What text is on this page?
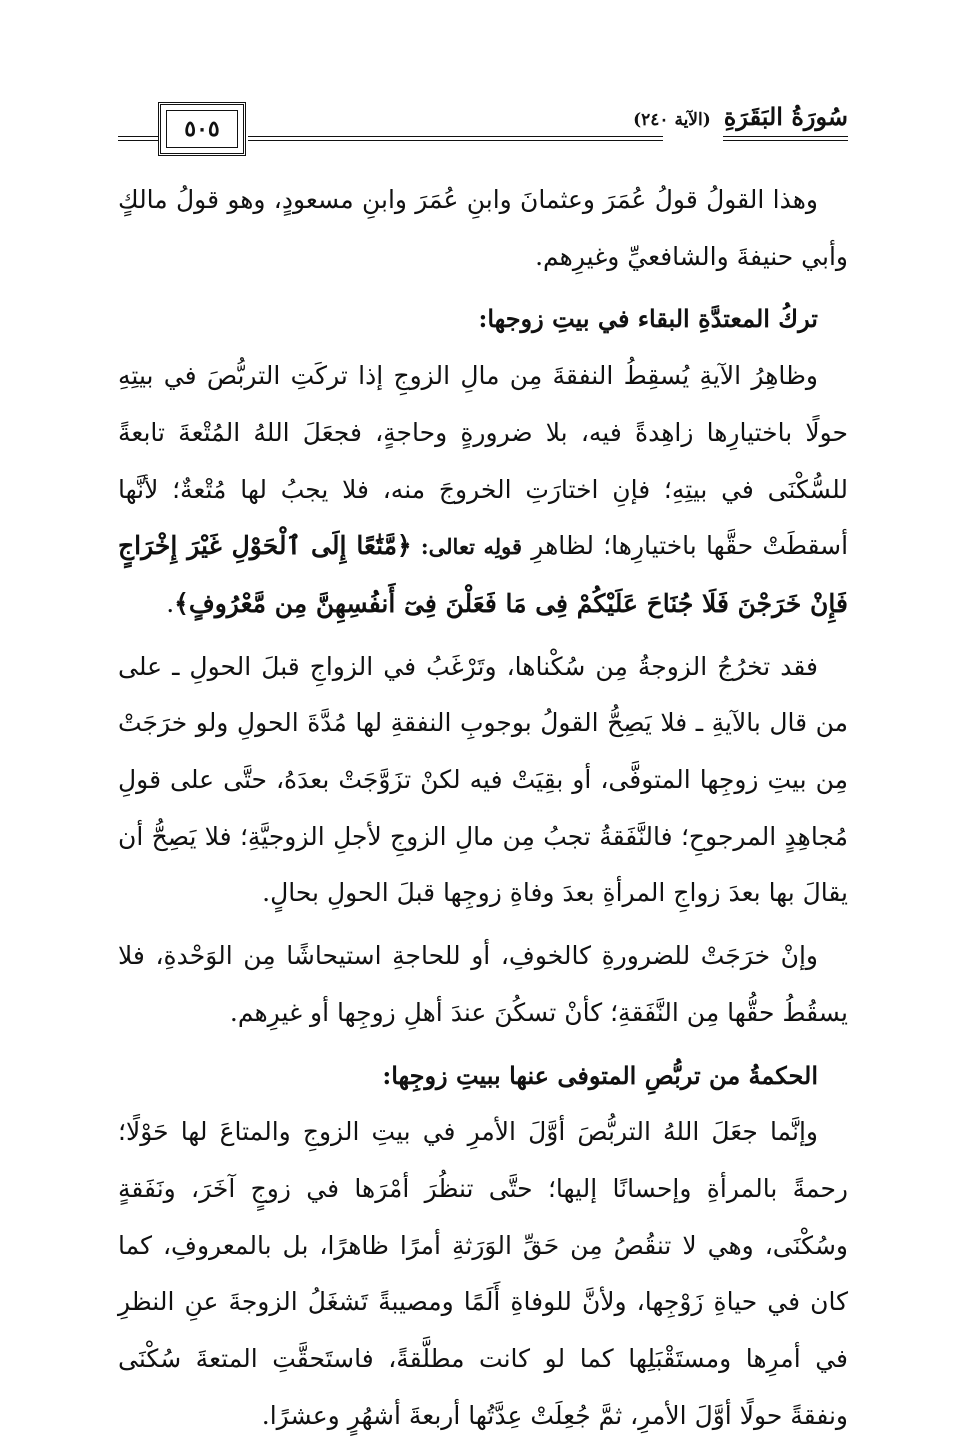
سُورَةُ البَقَرَةِ (الآية ٢٤٠)
٥٠٥

وهذا القولُ قولُ عُمَرَ وعثمانَ وابنِ عُمَرَ وابنِ مسعودٍ، وهو قولُ مالكٍ وأبي حنيفةَ والشافعيِّ وغيرِهم.

تركُ المعتدَّةِ البقاء في بيتِ زوجها:

وظاهِرُ الآيةِ يُسقِطُ النفقةَ مِن مالِ الزوجِ إذا تركَتِ التربُّصَ في بيتِهِ حولًا باختيارِها زاهِدةً فيه، بلا ضرورةٍ وحاجةٍ، فجعَلَ اللهُ المُتْعةَ تابعةً للسُّكْنَى في بيتِهِ؛ فإنِ اختارَتِ الخروجَ منه، فلا يجبُ لها مُتْعةٌ؛ لأنَّها أسقطَتْ حقَّها باختيارِها؛ لظاهرِ قولِه تعالى: ﴿مَّتَٰعًا إِلَى ٱلْحَوْلِ غَيْرَ إِخْرَاجٍ فَإِنْ خَرَجْنَ فَلَا جُنَاحَ عَلَيْكُمْ فِى مَا فَعَلْنَ فِىٓ أَنفُسِهِنَّ مِن مَّعْرُوفٍ﴾.

فقد تخرُجُ الزوجةُ مِن سُكْناها، وتَرْغَبُ في الزواجِ قبلَ الحولِ ـ على من قال بالآيةِ ـ فلا يَصِحُّ القولُ بوجوبِ النفقةِ لها مُدَّةَ الحولِ ولو خرَجَتْ مِن بيتِ زوجِها المتوفَّى، أو بقِيَتْ فيه لكنْ تزَوَّجَتْ بعدَهُ، حتَّى على قولِ مُجاهِدٍ المرجوحِ؛ فالنَّفَقةُ تجبُ مِن مالِ الزوجِ لأجلِ الزوجيَّةِ؛ فلا يَصِحُّ أن يقالَ بها بعدَ زواجِ المرأةِ بعدَ وفاةِ زوجِها قبلَ الحولِ بحالٍ.

وإنْ خرَجَتْ للضرورةِ كالخوفِ، أو للحاجةِ استيحاشًا مِن الوَحْدةِ، فلا يسقُطُ حقُّها مِن النَّفَقةِ؛ كأنْ تسكُنَ عندَ أهلِ زوجِها أو غيرِهم.

الحكمةُ من تربُّصِ المتوفى عنها ببيتِ زوجِها:

وإنَّما جعَلَ اللهُ التربُّصَ أوَّلَ الأمرِ في بيتِ الزوجِ والمتاعَ لها حَوْلًا؛ رحمةً بالمرأةِ وإحسانًا إليها؛ حتَّى تنظُرَ أمْرَها في زوجٍ آخَرَ، ونَفَقةٍ وسُكْنَى، وهي لا تنقُصُ مِن حَقِّ الوَرَثةِ أمرًا ظاهرًا، بل بالمعروفِ، كما كان في حياةِ زَوْجِها، ولأنَّ للوفاةِ أَلَمًا ومصيبةً تَشغَلُ الزوجةَ عنِ النظرِ في أمرِها ومستَقْبَلِها كما لو كانت مطلَّقةً، فاستَحقَّتِ المتعةَ سُكْنَى ونفقةً حولًا أوَّلَ الأمرِ، ثمَّ جُعِلَتْ عِدَّتُها أربعةَ أشهُرٍ وعشرًا.
